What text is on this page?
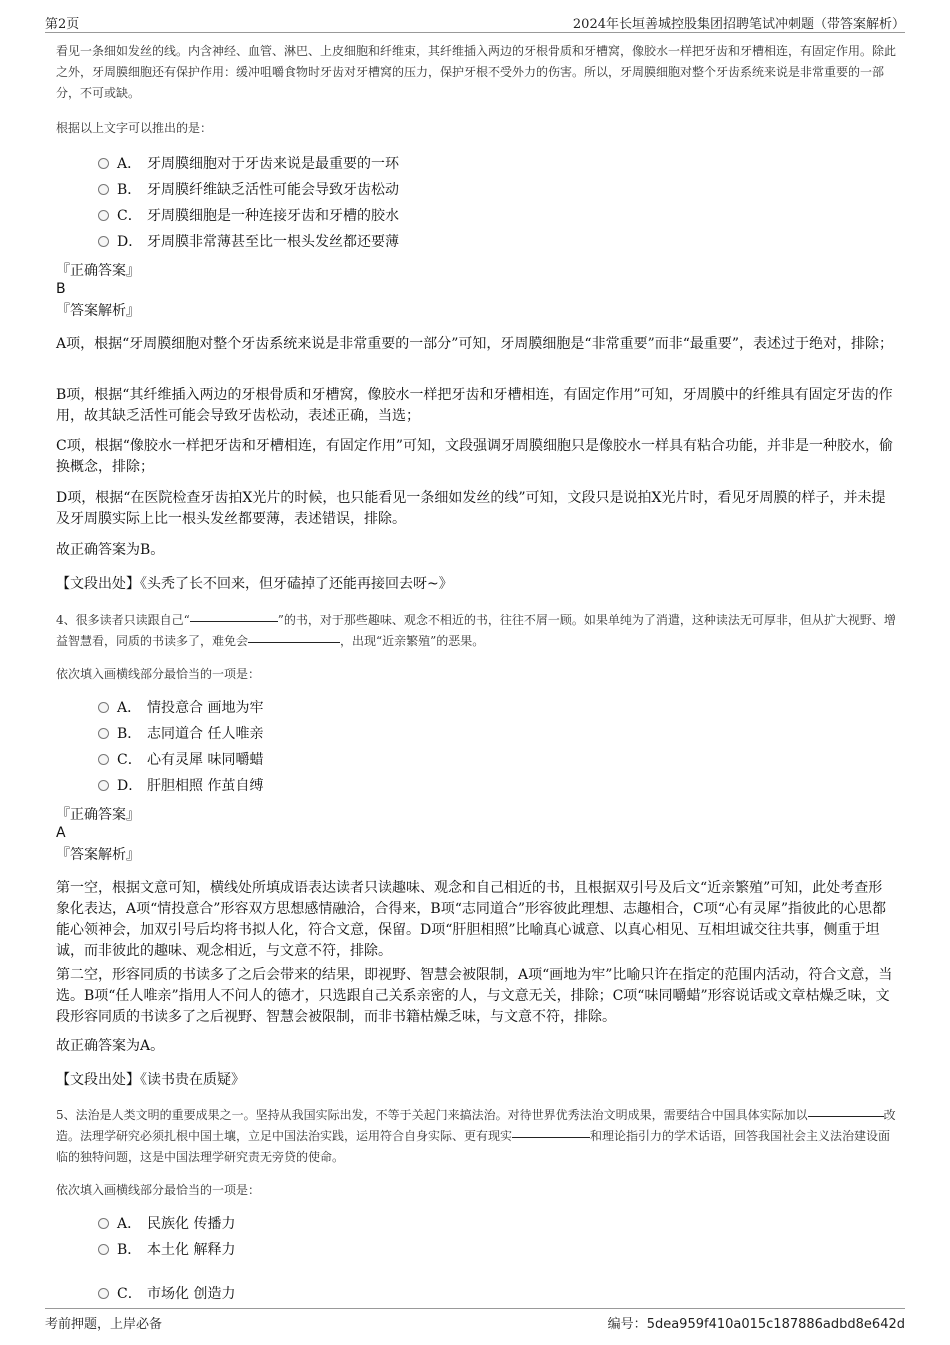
第2页	2024年长垣善城控股集团招聘笔试冲刺题（带答案解析）
看见一条细如发丝的线。内含神经、血管、淋巴、上皮细胞和纤维束，其纤维插入两边的牙根骨质和牙槽窝，像胶水一样把牙齿和牙槽相连，有固定作用。除此之外，牙周膜细胞还有保护作用：缓冲咀嚼食物时牙齿对牙槽窝的压力，保护牙根不受外力的伤害。所以，牙周膜细胞对整个牙齿系统来说是非常重要的一部分，不可或缺。
根据以上文字可以推出的是：
A． 牙周膜细胞对于牙齿来说是最重要的一环
B． 牙周膜纤维缺乏活性可能会导致牙齿松动
C． 牙周膜细胞是一种连接牙齿和牙槽的胶水
D． 牙周膜非常薄甚至比一根头发丝都还要薄
『正确答案』
B
『答案解析』
A项，根据“牙周膜细胞对整个牙齿系统来说是非常重要的一部分”可知，牙周膜细胞是“非常重要”而非“最重要”，表述过于绝对，排除；
B项，根据“其纤维插入两边的牙根骨质和牙槽窝，像胶水一样把牙齿和牙槽相连，有固定作用”可知，牙周膜中的纤维具有固定牙齿的作用，故其缺乏活性可能会导致牙齿松动，表述正确，当选；
C项，根据“像胶水一样把牙齿和牙槽相连，有固定作用”可知，文段强调牙周膜细胞只是像胶水一样具有粘合功能，并非是一种胶水，偷换概念，排除；
D项，根据“在医院检查牙齿拍X光片的时候，也只能看见一条细如发丝的线”可知，文段只是说拍X光片时，看见牙周膜的样子，并未提及牙周膜实际上比一根头发丝都要薄，表述错误，排除。
故正确答案为B。
【文段出处】《头秃了长不回来，但牙磕掉了还能再接回去呀~》
4、很多读者只读跟自己“	”的书，对于那些趣味、观念不相近的书，往往不屑一顾。如果单纯为了消遣，这种读法无可厚非，但从扩大视野、增益智慧看，同质的书读多了，难免会	，出现“近亲繁殖”的恶果。
依次填入画横线部分最恰当的一项是：
A． 情投意合 画地为牢
B． 志同道合 任人唯亲
C． 心有灵犀 味同嚼蜡
D． 肝胆相照 作茧自缚
『正确答案』
A
『答案解析』
第一空，根据文意可知，横线处所填成语表达读者只读趣味、观念和自己相近的书，且根据双引号及后文“近亲繁殖”可知，此处考查形象化表达，A项“情投意合”形容双方思想感情融洽，合得来，B项“志同道合”形容彼此理想、志趣相合，C项“心有灵犀”指彼此的心思都能心领神会，加双引号后均将书拟人化，符合文意，保留。D项“肝胆相照”比喻真心诚意、以真心相见、互相坦诚交往共事，侧重于坦诚，而非彼此的趣味、观念相近，与文意不符，排除。
第二空，形容同质的书读多了之后会带来的结果，即视野、智慧会被限制，A项“画地为牢”比喻只许在指定的范围内活动，符合文意，当选。B项“任人唯亲”指用人不问人的德才，只选跟自己关系亲密的人，与文意无关，排除；C项“味同嚼蜡”形容说话或文章枯燥乏味，文段形容同质的书读多了之后视野、智慧会被限制，而非书籍枯燥乏味，与文意不符，排除。
故正确答案为A。
【文段出处】《读书贵在质疑》
5、法治是人类文明的重要成果之一。坚持从我国实际出发，不等于关起门来搞法治。对待世界优秀法治文明成果，需要结合中国具体实际加以	改造。法理学研究必须扎根中国土壤，立足中国法治实践，运用符合自身实际、更有现实	和理论指引力的学术话语，回答我国社会主义法治建设面临的独特问题，这是中国法理学研究责无旁贷的使命。
依次填入画横线部分最恰当的一项是：
A． 民族化 传播力
B． 本土化 解释力
C． 市场化 创造力
考前押题，上岸必备	编号：5dea959f410a015c187886adbd8e642d
